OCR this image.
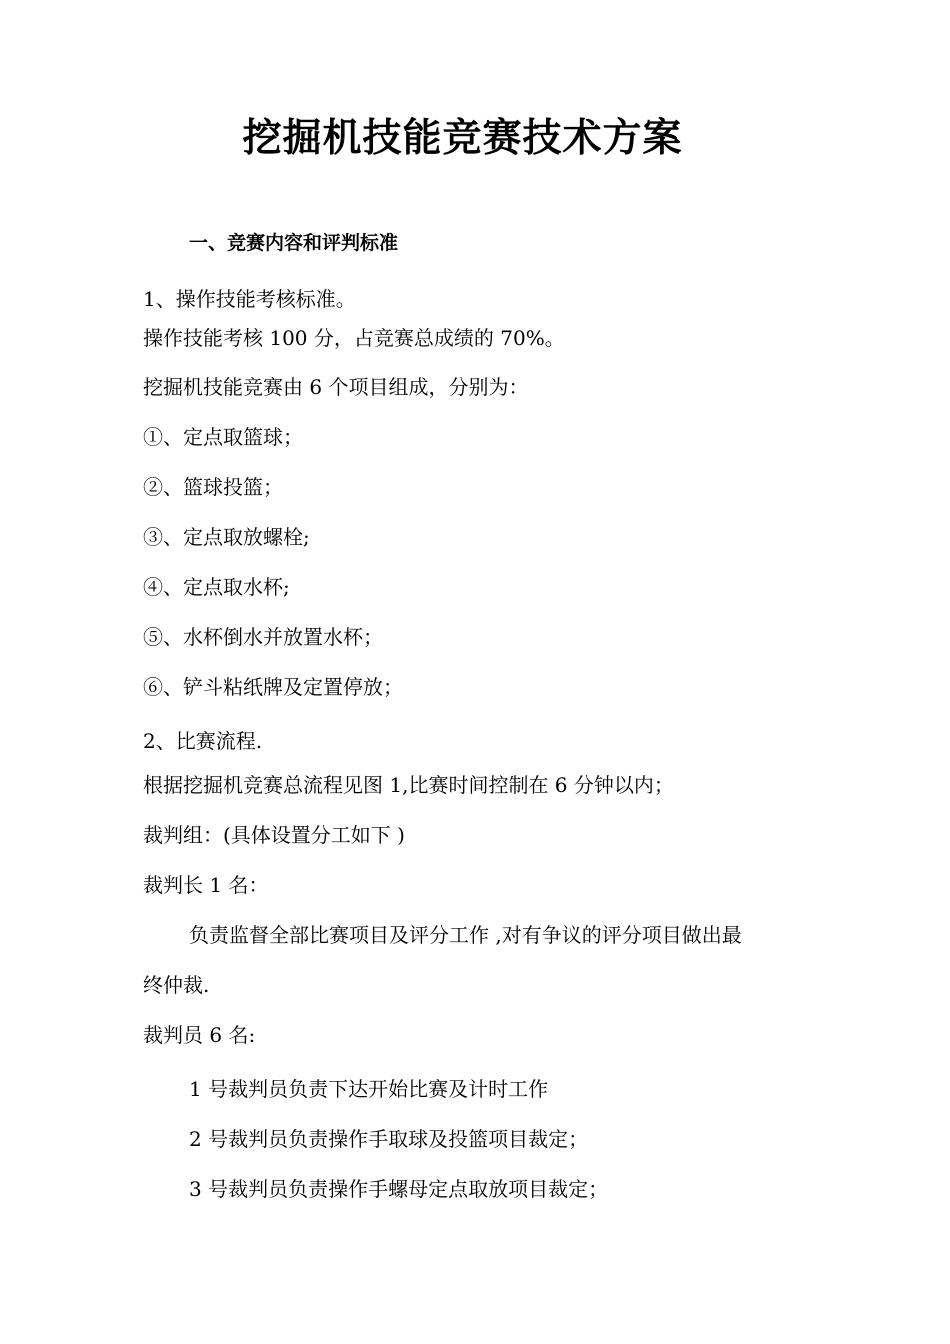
挖掘机技能竞赛技术方案

一、竞赛内容和评判标准

1、操作技能考核标准。

操作技能考核 100 分，占竞赛总成绩的 70%。

挖掘机技能竞赛由 6 个项目组成，分别为：

①、定点取篮球；

②、篮球投篮；

③、定点取放螺栓;

④、定点取水杯;

⑤、水杯倒水并放置水杯；

⑥、铲斗粘纸牌及定置停放；

2、比赛流程.

根据挖掘机竞赛总流程见图 1,比赛时间控制在 6 分钟以内；

裁判组：(具体设置分工如下 )

裁判长 1 名：

负责监督全部比赛项目及评分工作 ,对有争议的评分项目做出最

终仲裁.

裁判员 6 名:

1 号裁判员负责下达开始比赛及计时工作

2 号裁判员负责操作手取球及投篮项目裁定；

3 号裁判员负责操作手螺母定点取放项目裁定；
